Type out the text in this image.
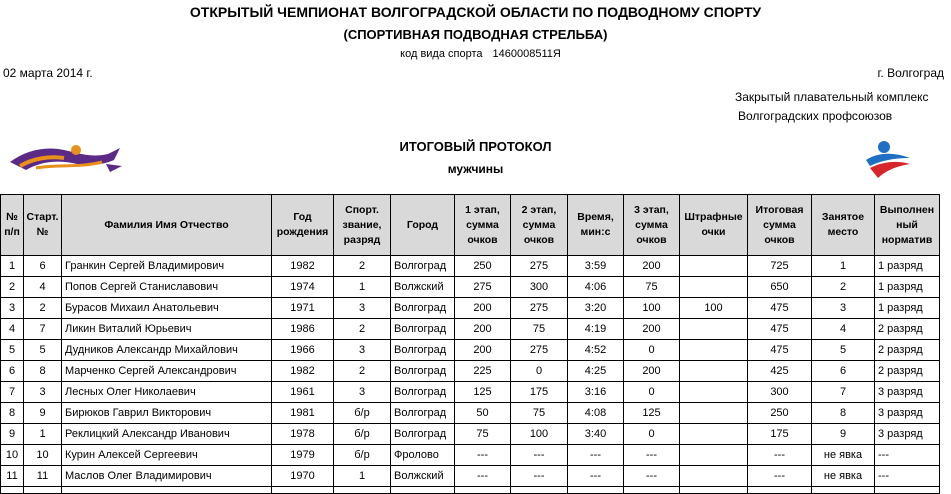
ОТКРЫТЫЙ ЧЕМПИОНАТ ВОЛГОГРАДСКОЙ ОБЛАСТИ ПО ПОДВОДНОМУ СПОРТУ
(СПОРТИВНАЯ ПОДВОДНАЯ СТРЕЛЬБА)
код вида спорта 1460008511Я
02 марта 2014 г.	г. Волгоград
Закрытый плавательный комплекс
Волгоградских профсоюзов
ИТОГОВЫЙ ПРОТОКОЛ
мужчины
№ п/п	Старт. №	Фамилия Имя Отчество	Год рождения	Спорт. звание, разряд	Город	1 этап, сумма очков	2 этап, сумма очков	Время, мин:с	3 этап, сумма очков	Штрафные очки	Итоговая сумма очков	Занятое место	Выполнен ный норматив
1	6	Гранкин Сергей Владимирович	1982	2	Волгоград	250	275	3:59	200		725	1	1 разряд
2	4	Попов Сергей Станиславович	1974	1	Волжский	275	300	4:06	75		650	2	1 разряд
3	2	Бурасов Михаил Анатольевич	1971	3	Волгоград	200	275	3:20	100	100	475	3	1 разряд
4	7	Ликин Виталий Юрьевич	1986	2	Волгоград	200	75	4:19	200		475	4	2 разряд
5	5	Дудников Александр Михайлович	1966	3	Волгоград	200	275	4:52	0		475	5	2 разряд
6	8	Марченко Сергей Александрович	1982	2	Волгоград	225	0	4:25	200		425	6	2 разряд
7	3	Лесных Олег Николаевич	1961	3	Волгоград	125	175	3:16	0		300	7	3 разряд
8	9	Бирюков Гаврил Викторович	1981	б/р	Волгоград	50	75	4:08	125		250	8	3 разряд
9	1	Реклицкий Александр Иванович	1978	б/р	Волгоград	75	100	3:40	0		175	9	3 разряд
10	10	Курин Алексей Сергеевич	1979	б/р	Фролово	---	---	---	---		---	не явка	---
11	11	Маслов Олег Владимирович	1970	1	Волжский	---	---	---	---		---	не явка	---
